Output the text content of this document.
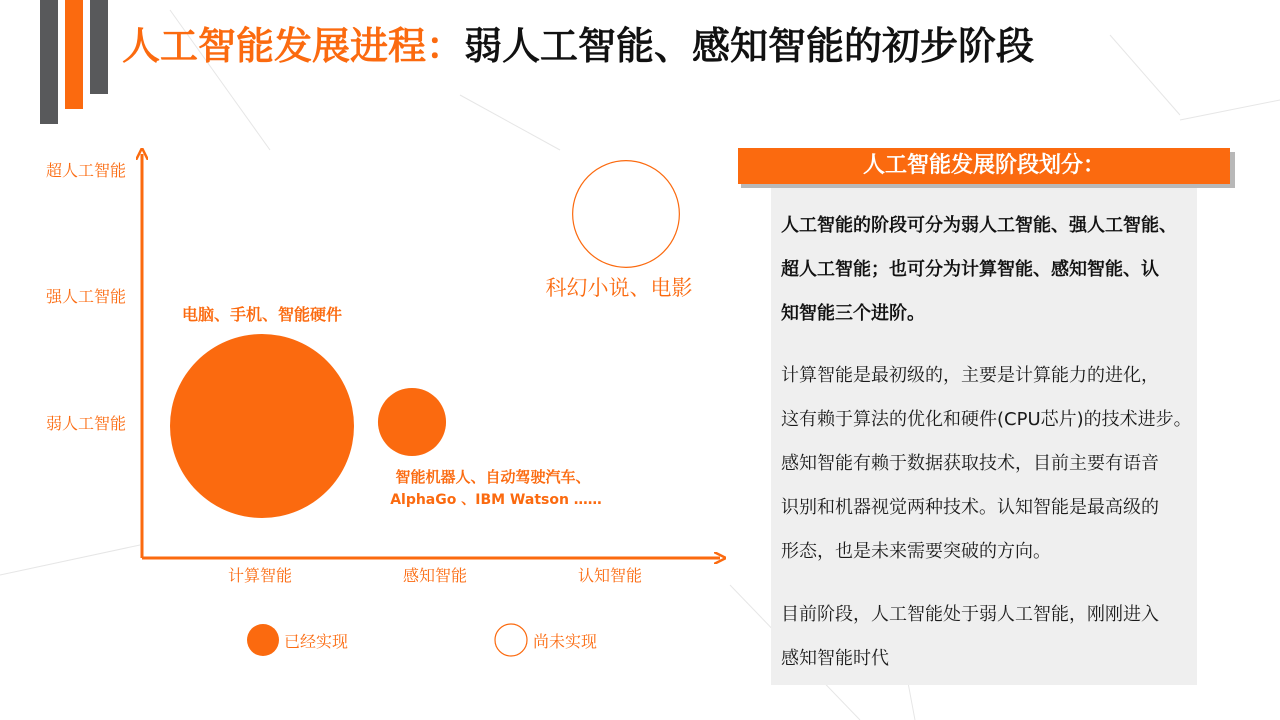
人工智能发展进程：弱人工智能、感知智能的初步阶段
弱人工智能
强人工智能
超人工智能
计算智能	感知智能	认知智能
电脑、手机、智能硬件
智能机器人、自动驾驶汽车、
AlphaGo 、IBM Watson ……
科幻小说、电影
已经实现	尚未实现
人工智能发展阶段划分：

人工智能的阶段可分为弱人工智能、强人工智能、
超人工智能；也可分为计算智能、感知智能、认
知智能三个进阶。

计算智能是最初级的，主要是计算能力的进化，
这有赖于算法的优化和硬件(CPU芯片)的技术进步。
感知智能有赖于数据获取技术，目前主要有语音
识别和机器视觉两种技术。认知智能是最高级的
形态，也是未来需要突破的方向。

目前阶段，人工智能处于弱人工智能，刚刚进入
感知智能时代
